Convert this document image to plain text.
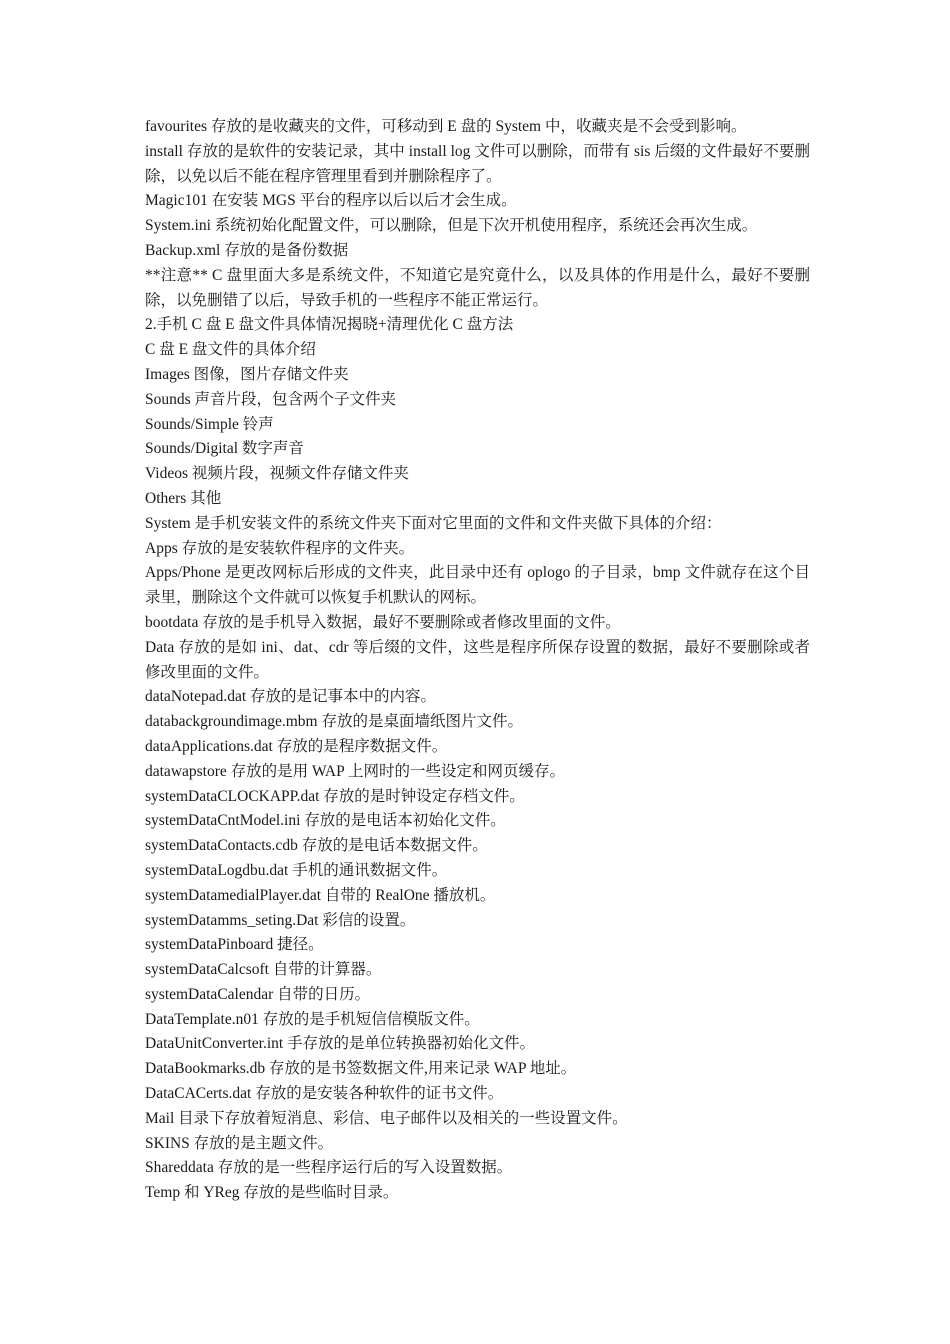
favourites 存放的是收藏夹的文件，可移动到 E 盘的 System 中，收藏夹是不会受到影响。

install 存放的是软件的安装记录，其中 install log 文件可以删除，而带有 sis 后缀的文件最好不要删除，以免以后不能在程序管理里看到并删除程序了。

Magic101 在安装 MGS 平台的程序以后以后才会生成。

System.ini 系统初始化配置文件，可以删除，但是下次开机使用程序，系统还会再次生成。

Backup.xml 存放的是备份数据

**注意** C 盘里面大多是系统文件，不知道它是究竟什么，以及具体的作用是什么，最好不要删除，以免删错了以后，导致手机的一些程序不能正常运行。

2.手机 C 盘 E 盘文件具体情况揭晓+清理优化 C 盘方法

C 盘 E 盘文件的具体介绍

Images 图像，图片存储文件夹

Sounds 声音片段，包含两个子文件夹

Sounds/Simple 铃声

Sounds/Digital 数字声音

Videos 视频片段，视频文件存储文件夹

Others 其他

System 是手机安装文件的系统文件夹下面对它里面的文件和文件夹做下具体的介绍：

Apps 存放的是安装软件程序的文件夹。

Apps/Phone 是更改网标后形成的文件夹，此目录中还有 oplogo 的子目录，bmp 文件就存在这个目录里，删除这个文件就可以恢复手机默认的网标。

bootdata 存放的是手机导入数据，最好不要删除或者修改里面的文件。

Data 存放的是如 ini、dat、cdr 等后缀的文件，这些是程序所保存设置的数据，最好不要删除或者修改里面的文件。

dataNotepad.dat 存放的是记事本中的内容。

databackgroundimage.mbm 存放的是桌面墙纸图片文件。

dataApplications.dat 存放的是程序数据文件。

datawapstore 存放的是用 WAP 上网时的一些设定和网页缓存。

systemDataCLOCKAPP.dat 存放的是时钟设定存档文件。

systemDataCntModel.ini 存放的是电话本初始化文件。

systemDataContacts.cdb 存放的是电话本数据文件。

systemDataLogdbu.dat 手机的通讯数据文件。

systemDatamedialPlayer.dat 自带的 RealOne 播放机。

systemDatamms_seting.Dat 彩信的设置。

systemDataPinboard 捷径。

systemDataCalcsoft 自带的计算器。

systemDataCalendar 自带的日历。

DataTemplate.n01 存放的是手机短信信模版文件。

DataUnitConverter.int 手存放的是单位转换器初始化文件。

DataBookmarks.db 存放的是书签数据文件,用来记录 WAP 地址。

DataCACerts.dat 存放的是安装各种软件的证书文件。

Mail 目录下存放着短消息、彩信、电子邮件以及相关的一些设置文件。

SKINS 存放的是主题文件。

Shareddata 存放的是一些程序运行后的写入设置数据。

Temp 和 YReg 存放的是些临时目录。
